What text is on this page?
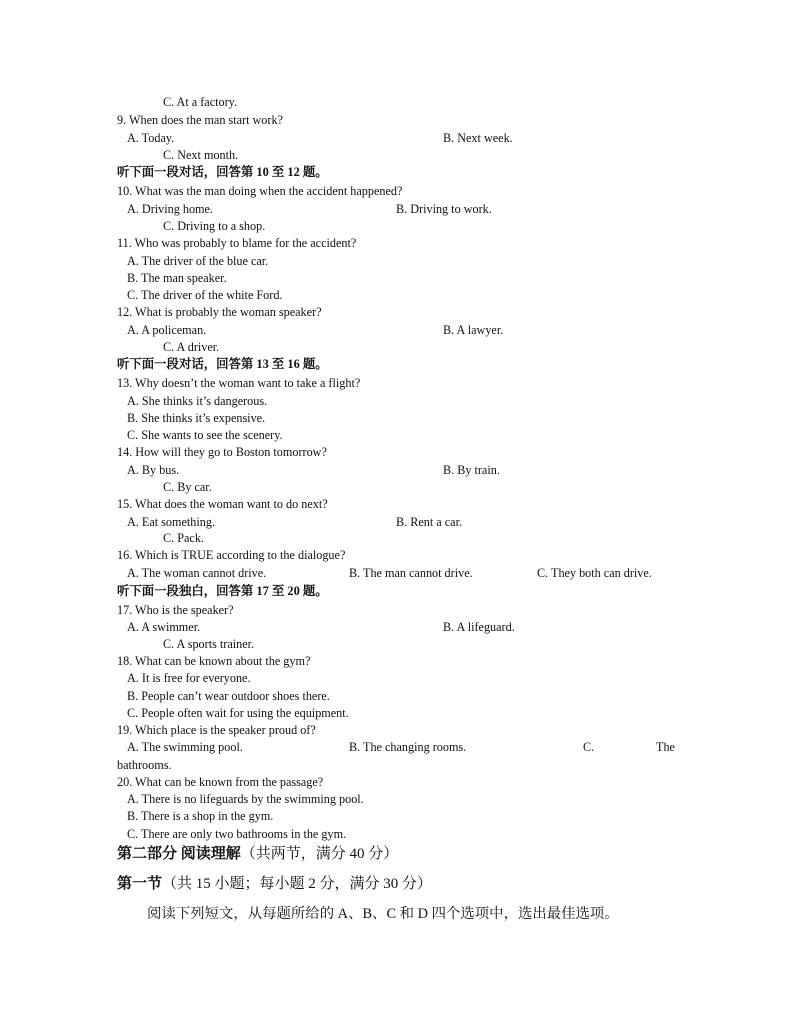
C. At a factory.
9. When does the man start work?
A. Today.	B. Next week.
C. Next month.
听下面一段对话，回答第 10 至 12 题。
10. What was the man doing when the accident happened?
A. Driving home.	B. Driving to work.
C. Driving to a shop.
11. Who was probably to blame for the accident?
A. The driver of the blue car.
B. The man speaker.
C. The driver of the white Ford.
12. What is probably the woman speaker?
A. A policeman.	B. A lawyer.
C. A driver.
听下面一段对话，回答第 13 至 16 题。
13. Why doesn’t the woman want to take a flight?
A. She thinks it’s dangerous.
B. She thinks it’s expensive.
C. She wants to see the scenery.
14. How will they go to Boston tomorrow?
A. By bus.	B. By train.
C. By car.
15. What does the woman want to do next?
A. Eat something.	B. Rent a car.
C. Pack.
16. Which is TRUE according to the dialogue?
A. The woman cannot drive.	B. The man cannot drive.	C. They both can drive.
听下面一段独白，回答第 17 至 20 题。
17. Who is the speaker?
A. A swimmer.	B. A lifeguard.
C. A sports trainer.
18. What can be known about the gym?
A. It is free for everyone.
B. People can’t wear outdoor shoes there.
C. People often wait for using the equipment.
19. Which place is the speaker proud of?
A. The swimming pool.	B. The changing rooms.	C.	The
bathrooms.
20. What can be known from the passage?
A. There is no lifeguards by the swimming pool.
B. There is a shop in the gym.
C. There are only two bathrooms in the gym.
第二部分 阅读理解（共两节，满分 40 分）
第一节（共 15 小题；每小题 2 分，满分 30 分）
阅读下列短文，从每题所给的 A、B、C 和 D 四个选项中，选出最佳选项。
